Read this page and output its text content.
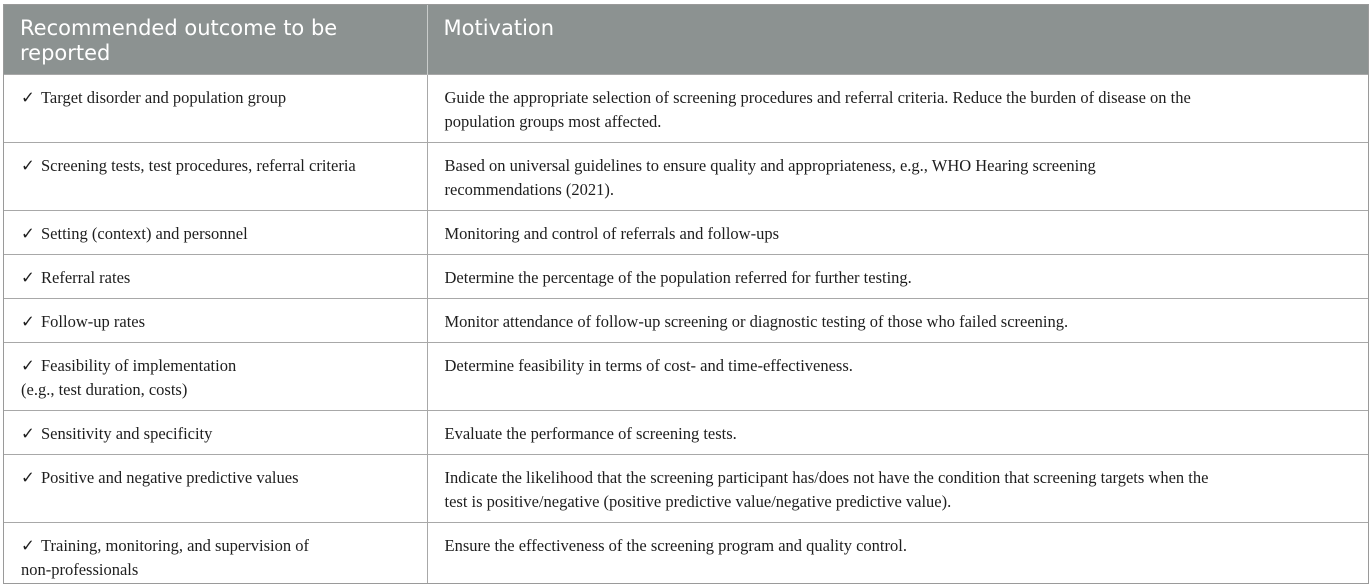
Recommended outcome to be reported	Motivation

✓ Target disorder and population group	Guide the appropriate selection of screening procedures and referral criteria. Reduce the burden of disease on the
population groups most affected.

✓ Screening tests, test procedures, referral criteria	Based on universal guidelines to ensure quality and appropriateness, e.g., WHO Hearing screening
recommendations (2021).

✓ Setting (context) and personnel	Monitoring and control of referrals and follow-ups

✓ Referral rates	Determine the percentage of the population referred for further testing.

✓ Follow-up rates	Monitor attendance of follow-up screening or diagnostic testing of those who failed screening.

✓ Feasibility of implementation
(e.g., test duration, costs)	Determine feasibility in terms of cost- and time-effectiveness.

✓ Sensitivity and specificity	Evaluate the performance of screening tests.

✓ Positive and negative predictive values	Indicate the likelihood that the screening participant has/does not have the condition that screening targets when the
test is positive/negative (positive predictive value/negative predictive value).

✓ Training, monitoring, and supervision of
non-professionals	Ensure the effectiveness of the screening program and quality control.
